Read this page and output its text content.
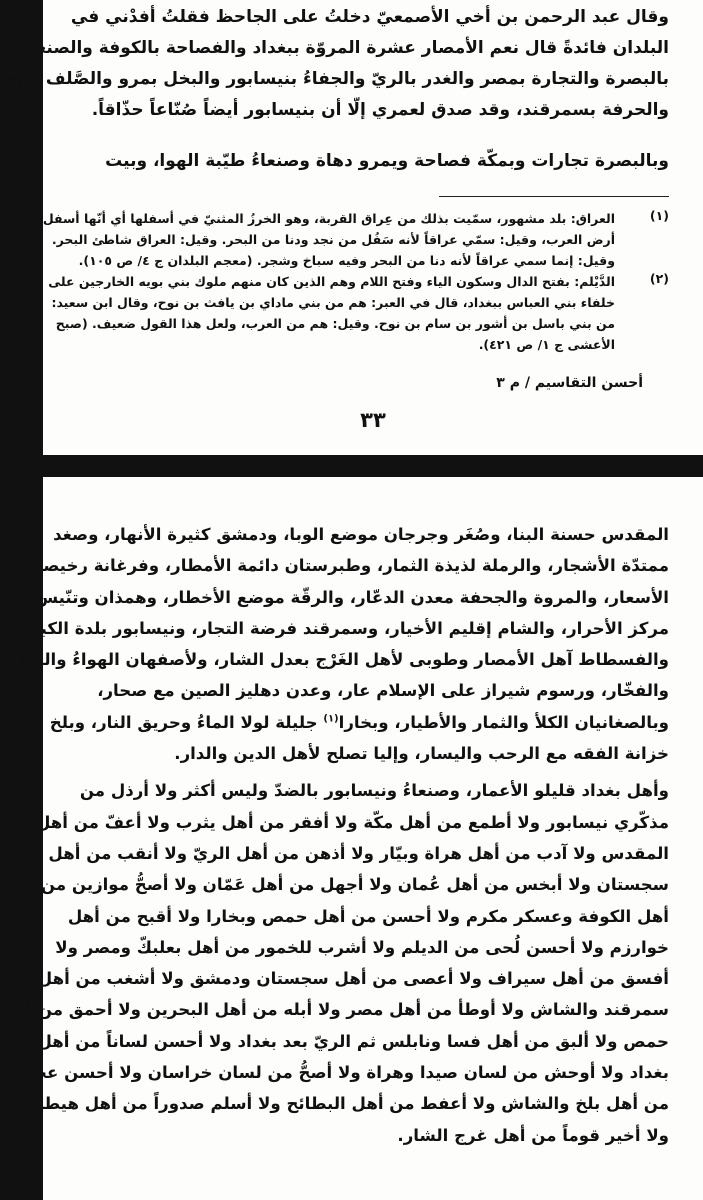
وقال عبد الرحمن بن أخي الأصمعيّ دخلتُ على الجاحظ فقلتُ أفدْني في
البلدان فائدةً قال نعم الأمصار عشرة المروّة ببغداد والفصاحة بالكوفة والصنعة
بالبصرة والتجارة بمصر والغدر بالريّ والجفاءُ بنيسابور والبخل بمرو والصَّلف ببلخ
والحرفة بسمرقند، وقد صدق لعمري إلّا أن بنيسابور أيضاً صُنّاعاً حذّاقاً.
وبالبصرة تجارات وبمكّة فصاحة ويمرو دهاة وصنعاءُ طيّبة الهوا، وبيت
(١)
العراق: بلد مشهور، سمّيت بذلك من عِراق القربة، وهو الخرزُ المثنيّ في أسفلها أي أنّها أسفل
أرض العرب، وقيل: سمّي عراقاً لأنه سَفُل من نجد ودنا من البحر. وقيل: العراق شاطئ البحر.
وقيل: إنما سمي عراقاً لأنه دنا من البحر وفيه سباخ وشجر. (معجم البلدان ج ٤/ ص ١٠٥).
(٢)
الدَّيْلم: بفتح الدال وسكون الياء وفتح اللام وهم الذين كان منهم ملوك بني بويه الخارجين على
خلفاء بني العباس ببغداد، قال في العبر: هم من بني ماداي بن يافث بن نوح، وقال ابن سعيد:
من بني باسل بن أشور بن سام بن نوح. وقيل: هم من العرب، ولعل هذا القول ضعيف. (صبح
الأعشى ج ١/ ص ٤٢١).
أحسن التقاسيم / م ٣
٣٣
المقدس حسنة البنا، وصُغَر وجرجان موضع الوبا، ودمشق كثيرة الأنهار، وصغد
ممتدّة الأشجار، والرملة لذيذة الثمار، وطبرستان دائمة الأمطار، وفرغانة رخيصة
الأسعار، والمروة والجحفة معدن الدعّار، والرقّة موضع الأخطار، وهمذان وتنّيس
مركز الأحرار، والشام إقليم الأخيار، وسمرقند فرضة التجار، ونيسابور بلدة الكبار،
والفسطاط آهل الأمصار وطوبى لأهل الغَرْج بعدل الشار، ولأصفهان الهواءُ والحلل
والفخّار، ورسوم شيراز على الإسلام عار، وعدن دهليز الصين مع صحار،
وبالصغانيان الكلأ والثمار والأطيار، وبخارا$^{(١)}$ جليلة لولا الماءُ وحريق النار، وبلخ
خزانة الفقه مع الرحب واليسار، وإليا تصلح لأهل الدين والدار.
وأهل بغداد قليلو الأعمار، وصنعاءُ ونيسابور بالضدّ وليس أكثر ولا أرذل من
مذكّري نيسابور ولا أطمع من أهل مكّة ولا أفقر من أهل يثرب ولا أعفّ من أهل بيت
المقدس ولا آدب من أهل هراة وبيّار ولا أذهن من أهل الريّ ولا أنقب من أهل
سجستان ولا أبخس من أهل عُمان ولا أجهل من أهل عَمّان ولا أصحُّ موازين من
أهل الكوفة وعسكر مكرم ولا أحسن من أهل حمص وبخارا ولا أقبح من أهل
خوارزم ولا أحسن لُحى من الديلم ولا أشرب للخمور من أهل بعلبكّ ومصر ولا
أفسق من أهل سيراف ولا أعصى من أهل سجستان ودمشق ولا أشغب من أهل
سمرقند والشاش ولا أوطأ من أهل مصر ولا أبله من أهل البحرين ولا أحمق من أهل
حمص ولا ألبق من أهل فسا ونابلس ثم الريّ بعد بغداد ولا أحسن لساناً من أهل
بغداد ولا أوحش من لسان صيدا وهراة ولا أصحُّ من لسان خراسان ولا أحسن عجميّةً
من أهل بلخ والشاش ولا أعفط من أهل البطائح ولا أسلم صدوراً من أهل هيطل.
ولا أخير قوماً من أهل غرج الشار.
